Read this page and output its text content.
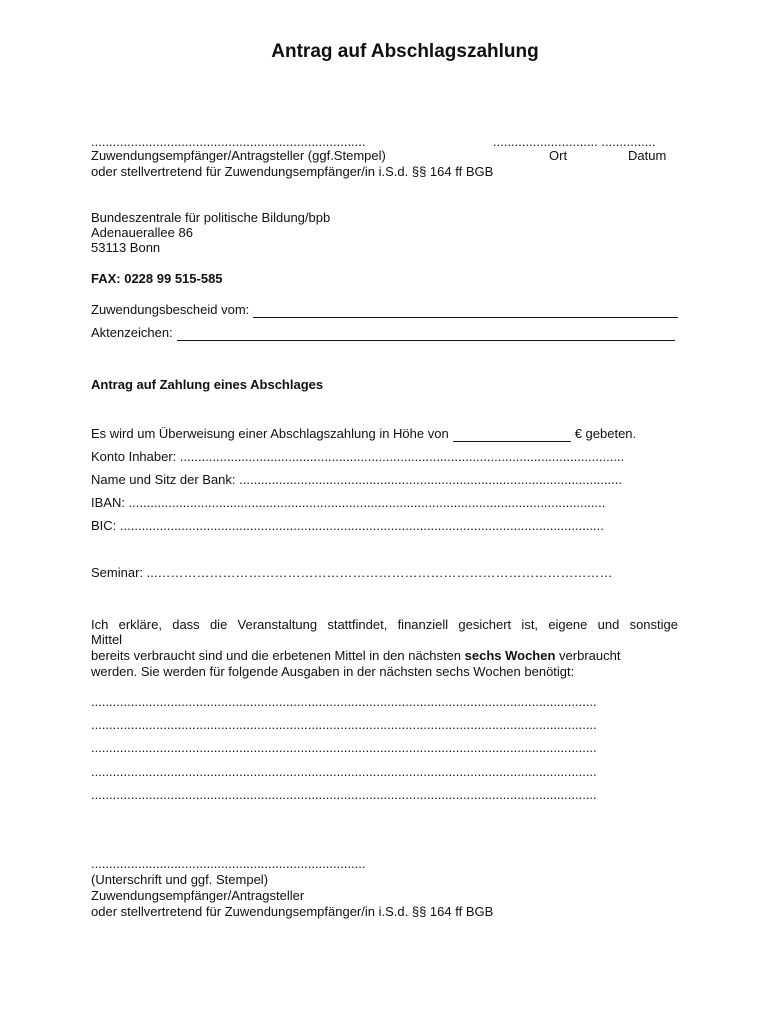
Antrag auf Abschlagszahlung
............................................................................	............................. ...............
Zuwendungsempfänger/Antragsteller (ggf.Stempel)	Ort	Datum
oder stellvertretend für Zuwendungsempfänger/in i.S.d. §§ 164 ff BGB
Bundeszentrale für politische Bildung/bpb
Adenauerallee 86
53113 Bonn
FAX: 0228 99 515-585
Zuwendungsbescheid vom:
Aktenzeichen:
Antrag auf Zahlung eines Abschlages
Es wird um Überweisung einer Abschlagszahlung in Höhe von	€ gebeten.
Konto Inhaber: ...........................................................................................................................
Name und Sitz der Bank: ..........................................................................................................
IBAN: ....................................................................................................................................
BIC: ......................................................................................................................................
Seminar: ...……………………………………………………………………………………………
Ich erkläre, dass die Veranstaltung stattfindet, finanziell gesichert ist, eigene und sonstige
Mittel
bereits verbraucht sind und die erbetenen Mittel in den nächsten sechs Wochen verbraucht
werden. Sie werden für folgende Ausgaben in der nächsten sechs Wochen benötigt:
............................................................................................................................................
............................................................................................................................................
............................................................................................................................................
............................................................................................................................................
............................................................................................................................................
............................................................................
(Unterschrift und ggf. Stempel)
Zuwendungsempfänger/Antragsteller
oder stellvertretend für Zuwendungsempfänger/in i.S.d. §§ 164 ff BGB
